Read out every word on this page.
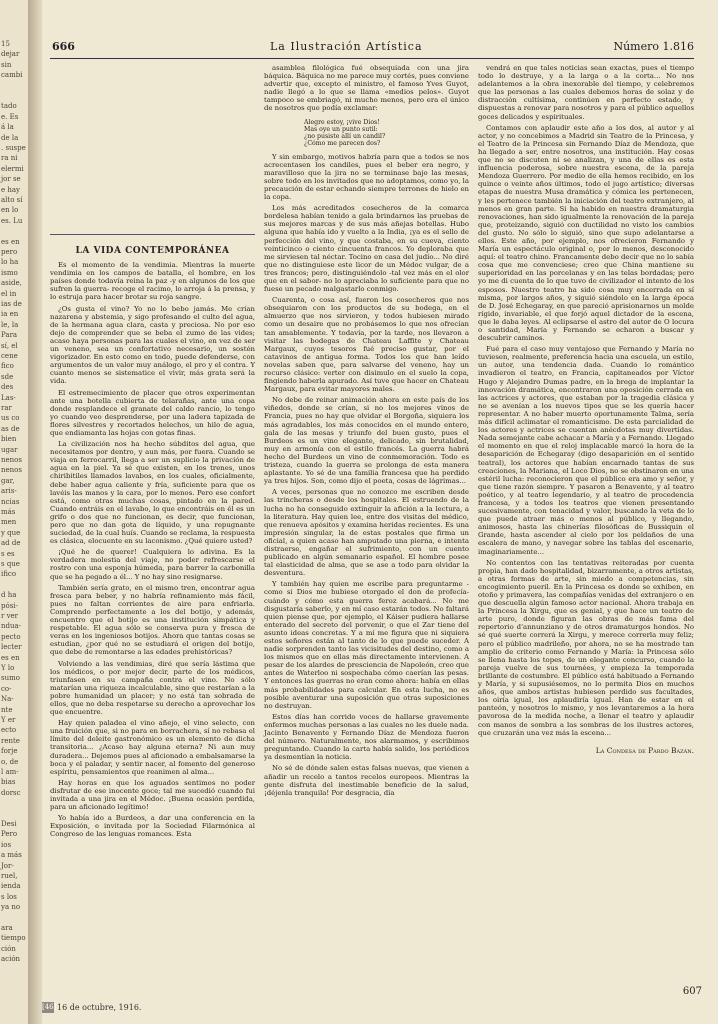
15
dejar
sin
cambi
tado
e. Es
á la
de la
. suspe
ra ni
elermi
jor se
e hay
alto sí
en lo
es. Lu
es en
pero
lo ha
ismo
aside,
el in
ias de
ia en
le, la
Para
sí, el
cene
fico
sde
des
Las-
rar
us co
as de
bien
ugar
nenos
nenos
gar,
aris-
ncias
más
men
y que
ad de
s es
s que
ifico
d ha
pósi-
r ver
ndua-
pecto
lecter
es en
Y lo
sumo
co-
Na-
nte
Y er
ecto
rente
forje
o, de
l am-
bias
dorsc
Desi
Pero
ios
a más
Jor-
ruel,
ienda
s los
ya no
ara
tiempo
ción
ación
666	La Ilustración Artística	Número 1.816
LA VIDA CONTEMPORÁNEA

Es el momento de la vendimia. Mientras la muerte vendimia en los campos de batalla, el hombre, en los países donde todavía reina la paz -y en algunos de los que sufren la guerra- recoge el racimo, lo arroja á la prensa, y lo estruja para hacer brotar su roja sangre.

¿Os gusta el vino? Yo no lo bebo jamás. Me crían nazarena y abstemia, y sigo profesando el culto del agua, de la hermana agua clara, casta y preciosa. No por eso dejo de comprender que se beba el zumo de las vides; acaso haya personas para las cuales el vino, en vez de ser un veneno, sea un confortativo necesario, un sostén vigorizador. En esto como en todo, puede defenderse, con argumentos de un valor muy análogo, el pro y el contra. Y cuanto menos se sistematice el vivir, más grata será la vida.

El estremecimiento de placer que otros experimentan ante una botella cubierta de telarañas, ante una copa donde resplandece el granate del caldo rancio, lo tengo yo cuando veo desprenderse, por una ladera tapizada de flores silvestres y recortados helechos, un hilo de agua, que endiamanta las hojas con gotas finas.

La civilización nos ha hecho súbditos del agua, que necesitamos por dentro, y aun más, por fuera. Cuando se viaja en ferrocarril, llega a ser un suplicio la privación de agua en la piel. Ya sé que existen, en los trenes, unos chiribitiles llamados lavabos, en los cuales, oficialmente, debe haber agua caliente y fría, suficiente para que os lavéis las manos y la cara, por lo menos. Pero ese confort está, como otras muchas cosas, pintado en la pared. Cuando entráis en el lavabo, lo que encontráis en él es un grifo o dos que no funcionan, es decir, que funcionan, pero que no dan gota de líquido, y una repugnante suciedad, de la cual huís. Cuando se reclama, la respuesta es clásica, elocuente en su laconismo. ¿Qué quiere usted?

¡Qué he de querer! Cualquiera lo adivina. Es la verdadera molestia del viaje, no poder refrescarse el rostro con una esponja húmeda, para barrer la carbonilla que se ha pegado a él... Y no hay sino resignarse.

También sería grato, en el mismo tren, encontrar agua fresca para beber, y no habría refinamiento más fácil, pues no faltan corrientes de aire para enfriarla. Comprendo perfectamente a los del botijo, y además, encuentro que el botijo es una institución simpática y respetable. El agua sólo se conserva pura y fresca de veras en los ingeniosos botijos. Ahora que tantas cosas se estudian, ¿por qué no se estudiará el origen del botijo, que debe de remontarse a las edades prehistóricas?

Volviendo a las vendimias, diré que sería lástima que los médicos, o por mejor decir, parte de los médicos, triunfasen en su campaña contra el vino. No sólo matarían una riqueza incalculable, sino que restarían a la pobre humanidad un placer; y no está tan sobrada de ellos, que no deba respetarse su derecho a aprovechar los que encuentre.

Hay quien paladea el vino añejo, el vino selecto, con una fruición que, si no para en borrachera, sí no rebasa el límite del deleite gastronómico es un elemento de dicha transitoria... ¿Acaso hay alguna eterna? Ni aun muy duradera... Dejemos pues al aficionado a embalsamarse la boca y el paladar, y sentir nacer, al fomento del generoso espíritu, pensamientos que reanimen al alma...

Hay horas en que los aguados sentimos no poder disfrutar de ese inocente goce; tal me sucedió cuando fui invitada a una jira en el Médoc. ¡Buena ocasión perdida, para un aficionado legítimo!

Yo había ido a Burdeos, a dar una conferencia en la Exposición, e invitada por la Sociedad Filarmónica al Congreso de las lenguas romances. Esta

asamblea filológica fué obsequiada con una jira báquica. Báquica no me parece muy cortés, pues conviene advertir que, excepto el ministro, el famoso Yves Guyot, nadie llegó a lo que se llama «medios pelos». Guyot tampoco se embriagó, ni mucho menos, pero era el único de nosotros que podía exclamar:

Alegre estoy, ¡vive Dios!
Mas oye un punto sutil:
¿no pusiste allí un candil?
¿Cómo me parecen dos?

Y sin embargo, motivos habría para que a todos se nos acrecentasen los candiles, pues el beber era negro, y maravilloso que la jira no se terminase bajo las mesas, sobre todo en los invitados que no adoptamos, como yo, la precaución de estar echando siempre terrones de hielo en la copa.

Los más acreditados cosecheros de la comarca bordelesa habían tenido a gala brindarnos las pruebas de sus mejores marcas y de sus más añejas botellas. Hubo alguna que había ido y vuelto a la India, ¡ya es el sello de perfección del vino, y que costaba, en su cueva, ciento veinticinco o ciento cincuenta francos. Yo deploraba que me sirviesen tal néctar. Tocino en casa del judío... No diré que no distinguiese este licor de un Médoc vulgar, de a tres francos; pero, distinguiéndolo -tal vez más en el olor que en el sabor- no lo apreciaba lo suficiente para que no fuese un pecado malgastarlo conmigo.

Cuarenta, o cosa así, fueron los cosecheros que nos obsequiaron con los productos de su bodega, en el almuerzo que nos sirvieron, y todos hubiesen mirado como un desaire que no probásemos lo que nos ofrecían tan amablemente. Y todavía, por la tarde, nos llevaron a visitar las bodegas de Chateau Laffite y Chateau Margaux, cuyos tesoros fué preciso gustar, por el catavinos de antigua forma. Todos los que han leído novelas saben que, para salvarse del veneno, hay un recurso clásico: verter con disimulo en el suelo la copa, fingiendo haberla apurado. Así tuve que hacer en Chateau Margaux, para evitar mayores males.

No debe de reinar animación ahora en este país de los viñedos, donde se crían, si no los mejores vinos de Francia, pues no hay que olvidar el Borgoña, siquiera los más agradables, los más conocidos en el mundo entero, gala de las mesas y triunfo del buen gusto, pues el Burdeos es un vino elegante, delicado, sin brutalidad, muy en armonía con el estilo francés. La guerra habrá hecho del Burdeos un vino de conmemoración. Todo es tristeza, cuando la guerra se prolonga de esta manera aplastante. Yo sé de una familia francesa que ha perdido ya tres hijos. Son, como dijo el poeta, cosas de lágrimas...

A veces, personas que no conozco me escriben desde las trincheras o desde los hospitales. El estruendo de la lucha no ha conseguido extinguir la afición a la lectura, a la literatura. Hay quien lee, entre dos visitas del médico, que renueva apósitos y examina heridas recientes. Es una impresión singular, la de estas postales que firma un oficial, a quien acaso han amputado una pierna, e intenta distraerse, engañar el sufrimiento, con un cuento publicado en algún semanario español. El hombre posee tal elasticidad de alma, que se ase a todo para olvidar la desventura.

Y también hay quien me escribe para preguntarme -como si Dios me hubiese otorgado el don de profecía- cuándo y cómo esta guerra feroz acabará... No me disgustaría saberlo, y en mí caso estarán todos. No faltará quien piense que, por ejemplo, el Káiser pudiera hallarse enterado del secreto del porvenir, o que el Zar tiene del asunto ideas concretas. Y a mí me figura que ni siquiera estos señores están al tanto de lo que puede suceder. A nadie sorprenden tanto las vicisitudes del destino, como a los mismos que en ellas más directamente intervienen. A pesar de los alardes de presciencia de Napoleón, creo que antes de Waterloo ni sospechaba cómo caerían las pesas. Y entonces las guerras no eran como ahora: había en ellas más probabilidades para calcular. En esta lucha, no es posible aventurar una suposición que otras suposiciones no destruyan.

Estos días han corrido voces de hallarse gravemente enfermos muchas personas a las cuales no les duele nada. Jacinto Benavente y Fernando Díaz de Mendoza fueron del número. Naturalmente, nos alarmamos, y escribimos preguntando. Cuando la carta había salido, los periódicos ya desmentían la noticia.

No sé de dónde salen estas falsas nuevas, que vienen a añadir un recelo a tantos recelos europeos. Mientras la gente disfruta del inestimable beneficio de la salud, ¡déjenla tranquila! Por desgracia, día

vendrá en que tales noticias sean exactas, pues el tiempo todo lo destruye, y a la larga o a la corta... No nos adelantemos a la obra inexorable del tiempo, y celebremos que las personas a las cuales debemos horas de solaz y de distracción cultísima, continúen en perfecto estado, y dispuestas a renovar para nosotros y para el público aquellos goces delicados y espirituales.

Contamos con aplaudir este año a los dos, al autor y al actor, y no concebimos a Madrid sin Teatro de la Princesa, y el Teatro de la Princesa sin Fernando Díaz de Mendoza, que ha llegado a ser, entre nosotros, una institución. Hay cosas que no se discuten ni se analizan, y una de ellas es esta influencia poderosa, sobre nuestra escena, de la pareja Mendoza Guerrero. Por medio de ella hemos recibido, en los quince o veinte años últimos, todo el jugo artístico; diversas etapas de nuestra Musa dramática y cómica les pertenecen, y les pertenece también la iniciación del teatro extranjero, al menos en gran parte. Si ha habido en nuestra dramaturgia renovaciones, han sido igualmente la renovación de la pareja que, proteizando, siguió con ductilidad no visto los cambios del gusto. No sólo lo siguió, sino que supo adelantarse a ellos. Este año, por ejemplo, nos ofrecieron Fernando y María un espectáculo original o, por lo menos, desconocido aquí: el teatro chino. Francamente debo decir que no lo sabía cosa que me convenciese; creo que China mantiene su superioridad en las porcelanas y en las telas bordadas; pero yo me di cuenta de lo que tuvo de civilizador el intento de los esposos. Nuestro teatro ha sido cosa muy encerrada en sí misma, por largos años, y siguió siéndolo en la larga época de D. José Echegaray, en que pareció aprisionarnos un molde rígido, invariable, el que forjó aquel dictador de la escena, que le daba leyes. Al eclipsarse el astro del autor de O locura o santidad, María y Fernando se echaron a buscar y descubrir caminos.

Fué para el caso muy ventajoso que Fernando y María no tuviesen, realmente, preferencia hacia una escuela, un estilo, un autor, una tendencia dada. Cuando lo romántico invadieron el teatro, en Francia, capitaneados por Víctor Hugo y Alejandro Dumas padre, en la brega de implantar la innovación dramática, encontraron una oposición cerrada en las actrices y actores, que estaban por la tragedia clásica y no se avenían a los nuevos tipos que se les quería hacer representar. A no haber muerto oportunamente Talma, sería más difícil aclimatar el romanticismo. De esta parcialidad de los actores y actrices se cuentan anécdotas muy divertidas. Nada semejante cabe achacar a María y a Fernando. Llegado el momento en que el reloj implacable marcó la hora de la desaparición de Echegaray (digo desaparición en el sentido teatral), los actores que habían encarnado tantas de sus creaciones, la Mariana, el Loco Dios, no se obstinaron en una estéril lucha: reconocieron que el público era amo y señor, y que tiene razón siempre. Y pasaron a Benavente, y al teatro poético, y al teatro legendario, y al teatro de procedencia francesa, y a todos los teatros que vienen presentando sucesivamente, con tenacidad y valor, buscando la veta de lo que puede atraer más o menos al público, y llegando, animosos, hasta las chinerías filosóficas de Bussiquin el Grande, hasta ascender al cielo por los peldaños de una escalera de mano, y navegar sobre las tablas del escenario, imaginariamente...

No contentos con las tentativas reiteradas por cuenta propia, han dado hospitalidad, bizarramente, a otros artistas, a otras formas de arte, sin miedo a competencias, sin encogimiento pueril. En la Princesa es donde se exhiben, en otoño y primavera, las compañías venidas del extranjero o en que descuella algún famoso actor nacional. Ahora trabaja en la Princesa la Xirgu, que es genial, y que hace un teatro de arte puro, donde figuran las obras de más fama del repertorio d'annunziano y de otros dramaturgos hondos. No sé qué suerte correrá la Xirgu, y merece correrla muy feliz; pero el público madrileño, por ahora, no se ha mostrado tan amplio de criterio como Fernando y María: la Princesa sólo se llena hasta los topes, de un elegante concurso, cuando la pareja vuelve de sus tournées, y empieza la temporada brillante de costumbre. El público está habituado a Fernando y María, y si supusiésemos, no lo permita Dios en muchos años, que ambos artistas hubiesen perdido sus facultades, los oiría igual, los aplaudiría igual. Han de estar en el panteón, y nosotros lo mismo, y nos levantaremos a la hora pavorosa de la medida noche, a llenar el teatro y aplaudir con manos de sombra a las sombras de los ilustres actores, que cruzarán una vez más la escena...

La Condesa de Pardo Bazán.
[46] 16 de octubre, 1916.
607
